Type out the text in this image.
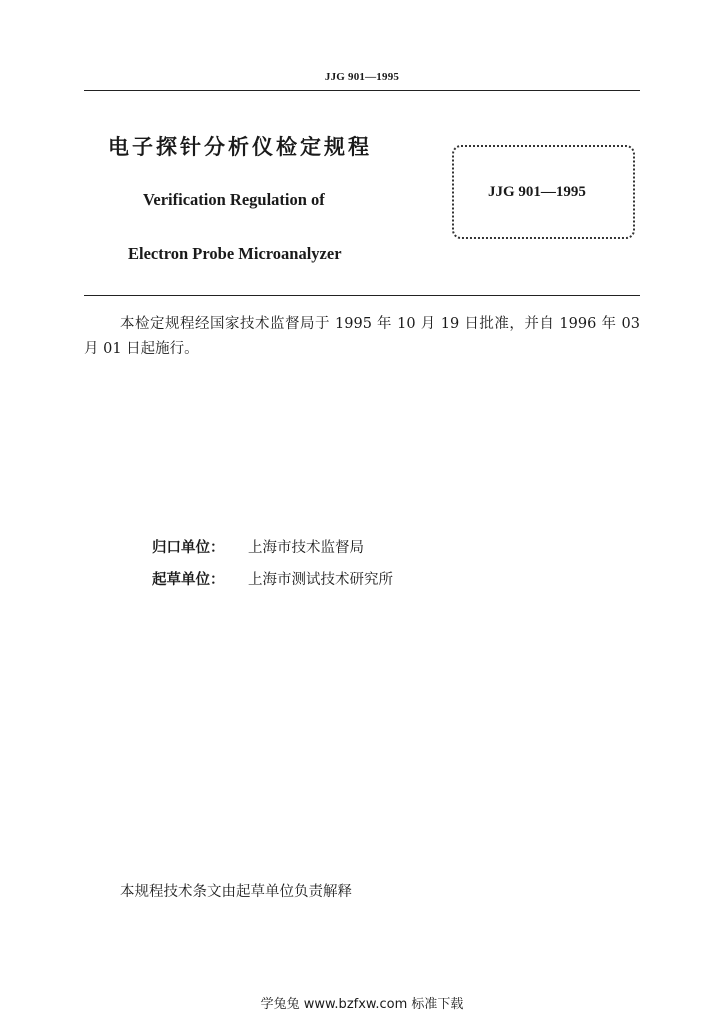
JJG 901—1995
电子探针分析仪检定规程
Verification Regulation of
Electron Probe Microanalyzer
JJG 901—1995
本检定规程经国家技术监督局于 1995 年 10 月 19 日批准，并自 1996 年 03 月 01 日起施行。
归口单位： 上海市技术监督局
起草单位： 上海市测试技术研究所
本规程技术条文由起草单位负责解释
学兔兔 www.bzfxw.com 标准下载
